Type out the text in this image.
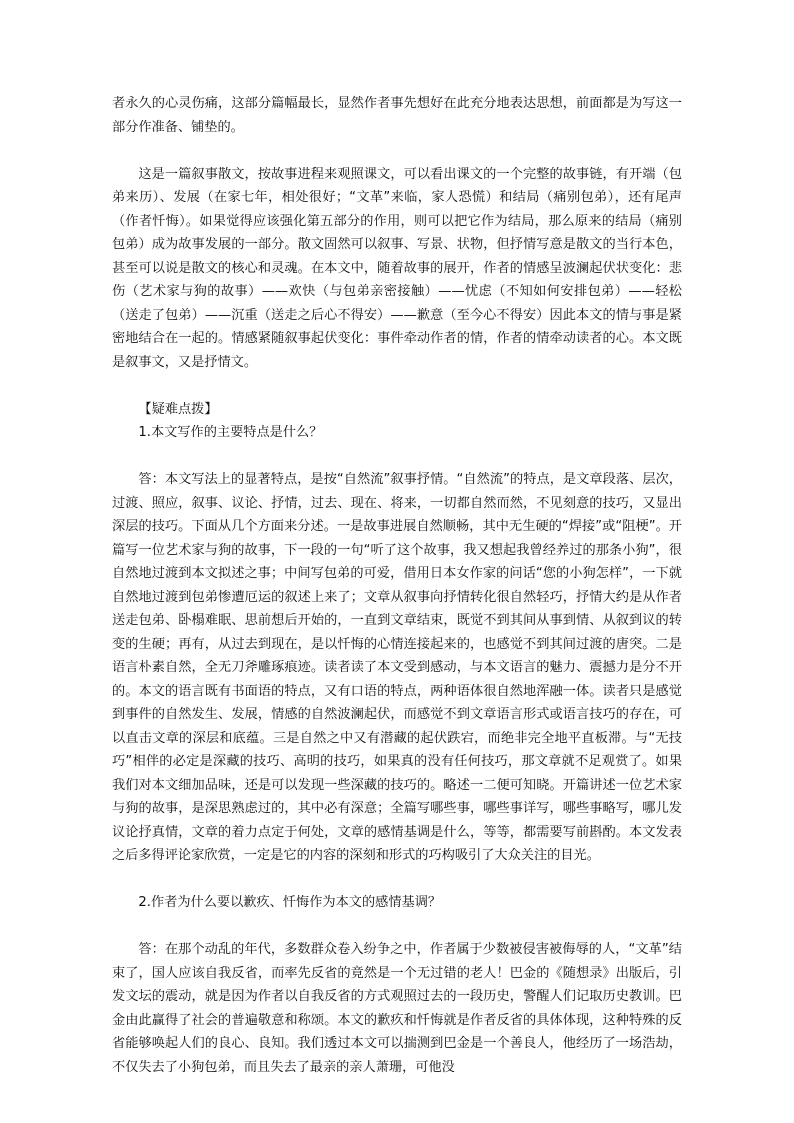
者永久的心灵伤痛，这部分篇幅最长，显然作者事先想好在此充分地表达思想，前面都是为写这一部分作准备、铺垫的。

这是一篇叙事散文，按故事进程来观照课文，可以看出课文的一个完整的故事链，有开端（包弟来历）、发展（在家七年，相处很好；“文革”来临，家人恐慌）和结局（痛别包弟），还有尾声（作者忏悔）。如果觉得应该强化第五部分的作用，则可以把它作为结局，那么原来的结局（痛别包弟）成为故事发展的一部分。散文固然可以叙事、写景、状物，但抒情写意是散文的当行本色，甚至可以说是散文的核心和灵魂。在本文中，随着故事的展开，作者的情感呈波澜起伏状变化：悲伤（艺术家与狗的故事）——欢快（与包弟亲密接触）——忧虑（不知如何安排包弟）——轻松（送走了包弟）——沉重（送走之后心不得安）——歉意（至今心不得安）因此本文的情与事是紧密地结合在一起的。情感紧随叙事起伏变化：事件牵动作者的情，作者的情牵动读者的心。本文既是叙事文，又是抒情文。

【疑难点拨】

1.本文写作的主要特点是什么？

答：本文写法上的显著特点，是按“自然流”叙事抒情。“自然流”的特点，是文章段落、层次，过渡、照应，叙事、议论、抒情，过去、现在、将来，一切都自然而然，不见刻意的技巧，又显出深层的技巧。下面从几个方面来分述。一是故事进展自然顺畅，其中无生硬的“焊接”或“阻梗”。开篇写一位艺术家与狗的故事，下一段的一句“听了这个故事，我又想起我曾经养过的那条小狗”，很自然地过渡到本文拟述之事；中间写包弟的可爱，借用日本女作家的问话“您的小狗怎样”，一下就自然地过渡到包弟惨遭厄运的叙述上来了；文章从叙事向抒情转化很自然轻巧，抒情大约是从作者送走包弟、卧榻难眠、思前想后开始的，一直到文章结束，既觉不到其间从事到情、从叙到议的转变的生硬；再有，从过去到现在，是以忏悔的心情连接起来的，也感觉不到其间过渡的唐突。二是语言朴素自然，全无刀斧雕琢痕迹。读者读了本文受到感动，与本文语言的魅力、震撼力是分不开的。本文的语言既有书面语的特点，又有口语的特点，两种语体很自然地浑融一体。读者只是感觉到事件的自然发生、发展，情感的自然波澜起伏，而感觉不到文章语言形式或语言技巧的存在，可以直击文章的深层和底蕴。三是自然之中又有潜藏的起伏跌宕，而绝非完全地平直板滞。与“无技巧”相伴的必定是深藏的技巧、高明的技巧，如果真的没有任何技巧，那文章就不足观赏了。如果我们对本文细加品味，还是可以发现一些深藏的技巧的。略述一二便可知晓。开篇讲述一位艺术家与狗的故事，是深思熟虑过的，其中必有深意；全篇写哪些事，哪些事详写，哪些事略写，哪儿发议论抒真情，文章的着力点定于何处，文章的感情基调是什么，等等，都需要写前斟酌。本文发表之后多得评论家欣赏，一定是它的内容的深刻和形式的巧构吸引了大众关注的目光。

2.作者为什么要以歉疚、忏悔作为本文的感情基调？

答：在那个动乱的年代，多数群众卷入纷争之中，作者属于少数被侵害被侮辱的人，“文革”结束了，国人应该自我反省，而率先反省的竟然是一个无过错的老人！巴金的《随想录》出版后，引发文坛的震动，就是因为作者以自我反省的方式观照过去的一段历史，警醒人们记取历史教训。巴金由此赢得了社会的普遍敬意和称颂。本文的歉疚和忏悔就是作者反省的具体体现，这种特殊的反省能够唤起人们的良心、良知。我们透过本文可以揣测到巴金是一个善良人，他经历了一场浩劫，不仅失去了小狗包弟，而且失去了最亲的亲人萧珊，可他没
